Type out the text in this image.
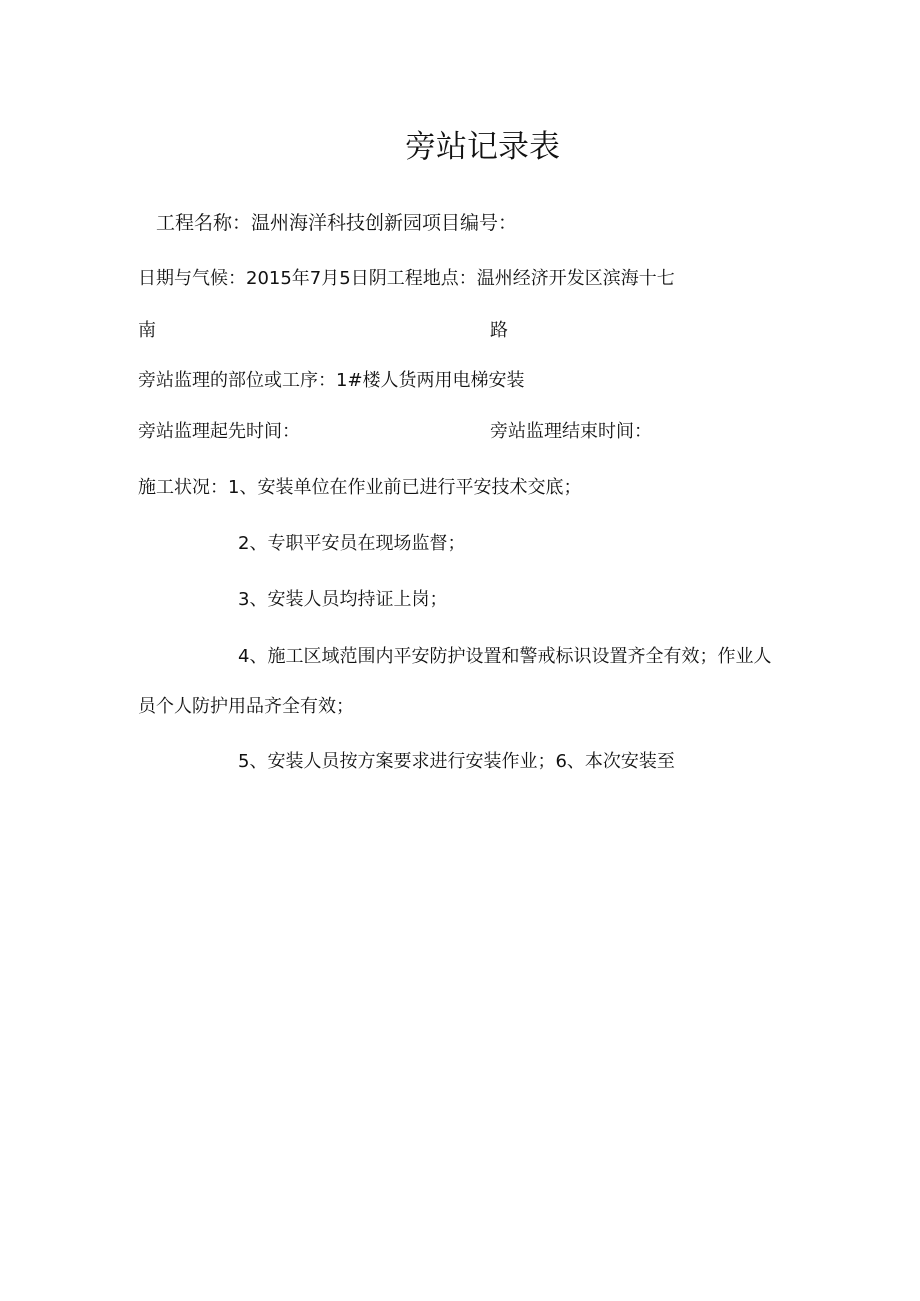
旁站记录表
工程名称：温州海洋科技创新园项目编号：
日期与气候：2015年7月5日阴工程地点：温州经济开发区滨海十七
南	路
旁站监理的部位或工序：1#楼人货两用电梯安装
旁站监理起先时间：	旁站监理结束时间：
施工状况：1、安装单位在作业前已进行平安技术交底；
2、专职平安员在现场监督；
3、安装人员均持证上岗；
4、施工区域范围内平安防护设置和警戒标识设置齐全有效；作业人
员个人防护用品齐全有效；
5、安装人员按方案要求进行安装作业；6、本次安装至
